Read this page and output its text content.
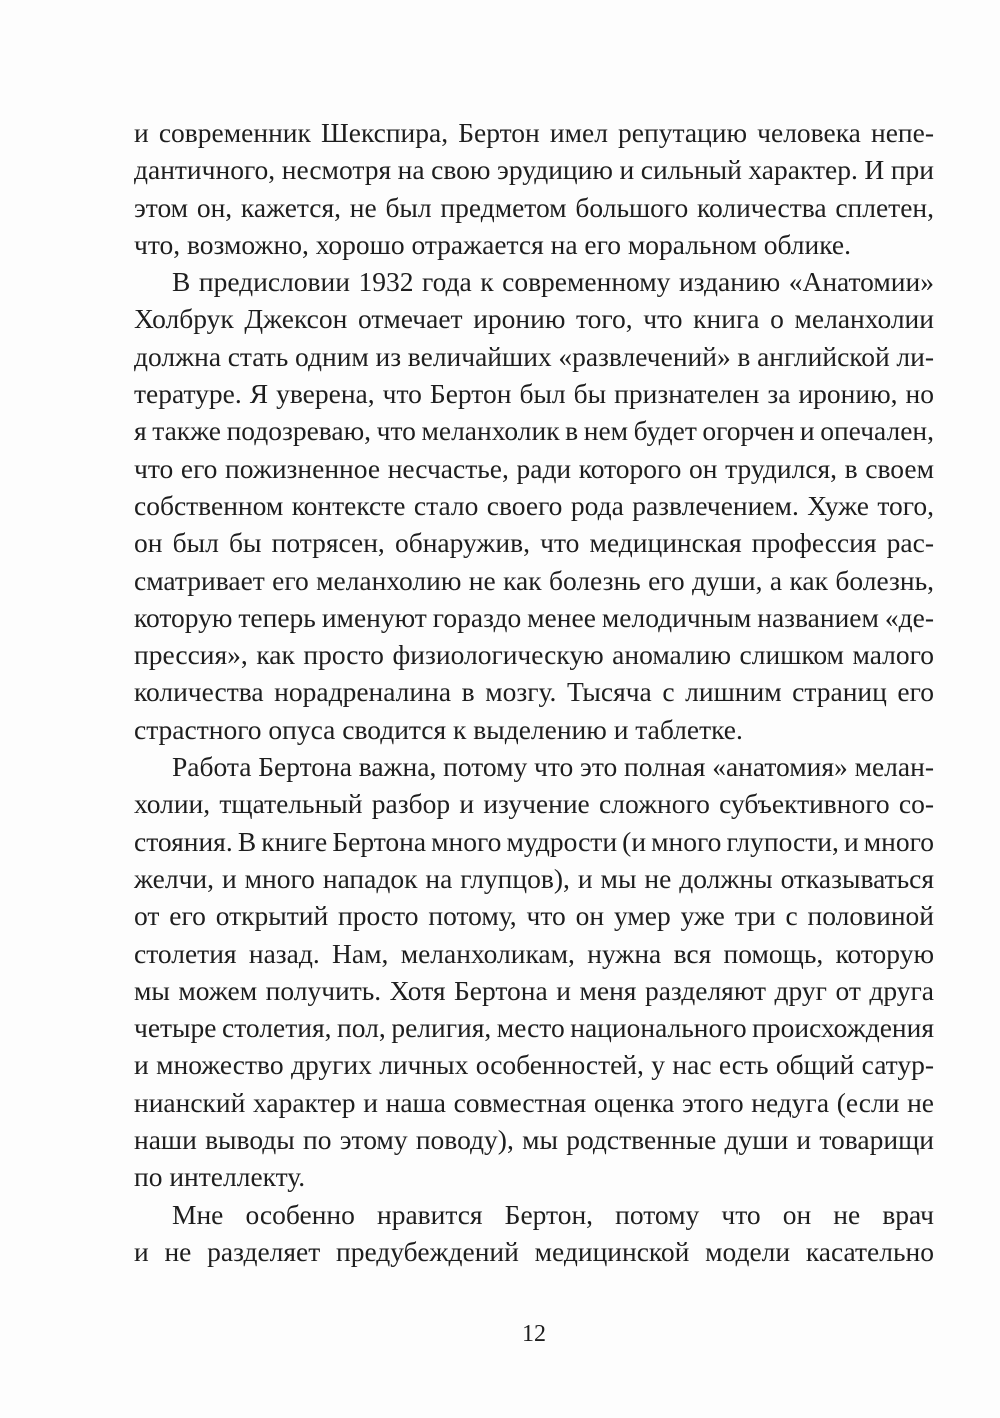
и современник Шекспира, Бертон имел репутацию человека непе-
дантичного, несмотря на свою эрудицию и сильный характер. И при
этом он, кажется, не был предметом большого количества сплетен,
что, возможно, хорошо отражается на его моральном облике.
В предисловии 1932 года к современному изданию «Анатомии»
Холбрук Джексон отмечает иронию того, что книга о меланхолии
должна стать одним из величайших «развлечений» в английской ли-
тературе. Я уверена, что Бертон был бы признателен за иронию, но
я также подозреваю, что меланхолик в нем будет огорчен и опечален,
что его пожизненное несчастье, ради которого он трудился, в своем
собственном контексте стало своего рода развлечением. Хуже того,
он был бы потрясен, обнаружив, что медицинская профессия рас-
сматривает его меланхолию не как болезнь его души, а как болезнь,
которую теперь именуют гораздо менее мелодичным названием «де-
прессия», как просто физиологическую аномалию слишком малого
количества норадреналина в мозгу. Тысяча с лишним страниц его
страстного опуса сводится к выделению и таблетке.
Работа Бертона важна, потому что это полная «анатомия» мелан-
холии, тщательный разбор и изучение сложного субъективного со-
стояния. В книге Бертона много мудрости (и много глупости, и много
желчи, и много нападок на глупцов), и мы не должны отказываться
от его открытий просто потому, что он умер уже три с половиной
столетия назад. Нам, меланхоликам, нужна вся помощь, которую
мы можем получить. Хотя Бертона и меня разделяют друг от друга
четыре столетия, пол, религия, место национального происхождения
и множество других личных особенностей, у нас есть общий сатур-
нианский характер и наша совместная оценка этого недуга (если не
наши выводы по этому поводу), мы родственные души и товарищи
по интеллекту.
Мне особенно нравится Бертон, потому что он не врач
и не разделяет предубеждений медицинской модели касательно
12
